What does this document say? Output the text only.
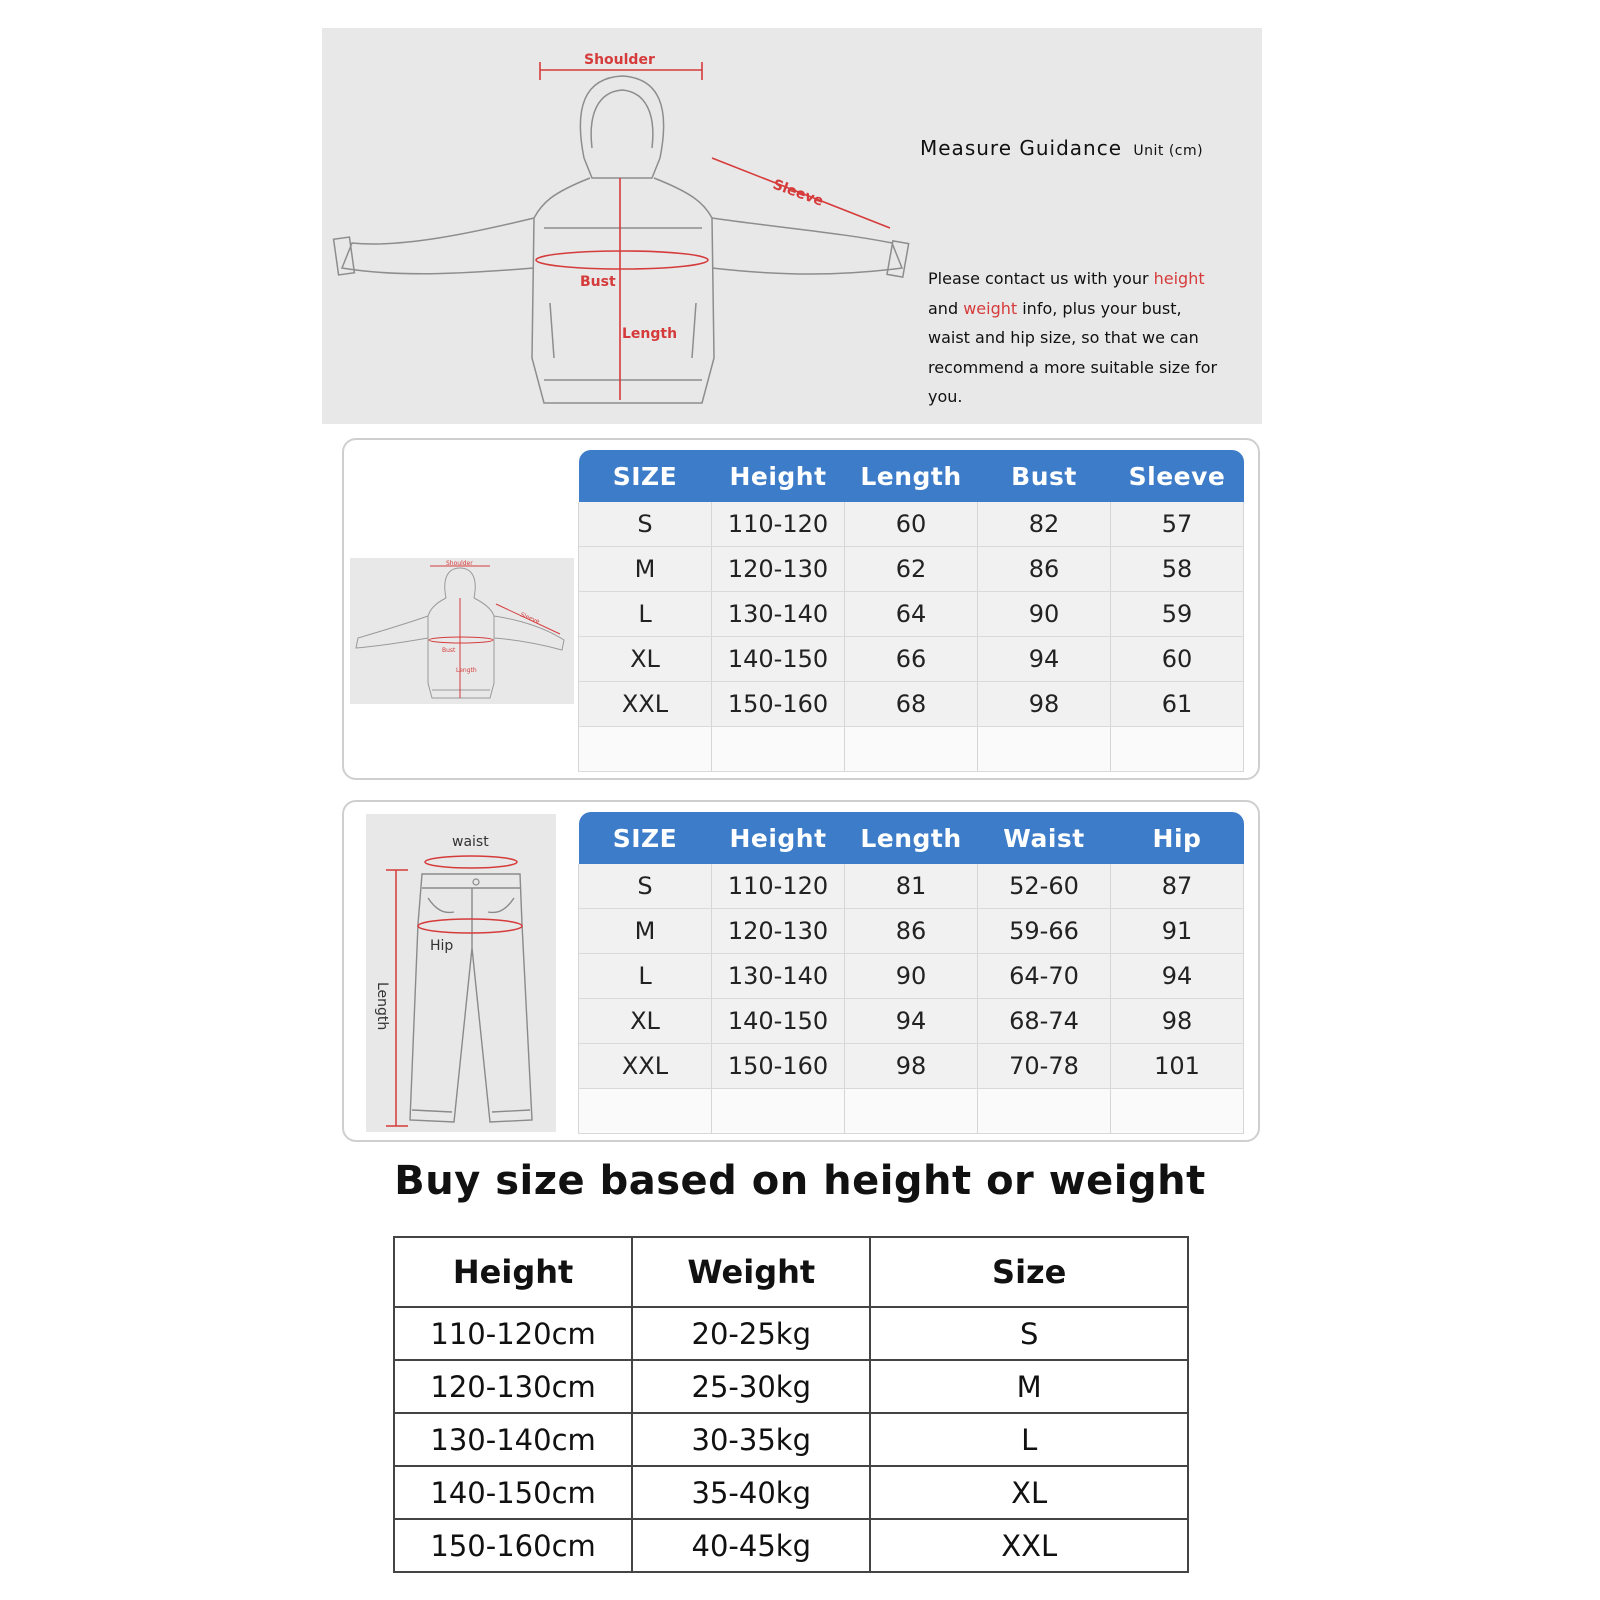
Shoulder
Sleeve
Bust
Length
Measure Guidance Unit (cm)
Please contact us with your height and weight info, plus your bust, waist and hip size, so that we can recommend a more suitable size for you.
Shoulder
Sleeve
Bust
Length
SIZE	Height	Length	Bust	Sleeve
S	110-120	60	82	57
M	120-130	62	86	58
L	130-140	64	90	59
XL	140-150	66	94	60
XXL	150-160	68	98	61

waist
Hip
Length
SIZE	Height	Length	Waist	Hip
S	110-120	81	52-60	87
M	120-130	86	59-66	91
L	130-140	90	64-70	94
XL	140-150	94	68-74	98
XXL	150-160	98	70-78	101

Buy size based on height or weight
Height	Weight	Size
110-120cm	20-25kg	S
120-130cm	25-30kg	M
130-140cm	30-35kg	L
140-150cm	35-40kg	XL
150-160cm	40-45kg	XXL
